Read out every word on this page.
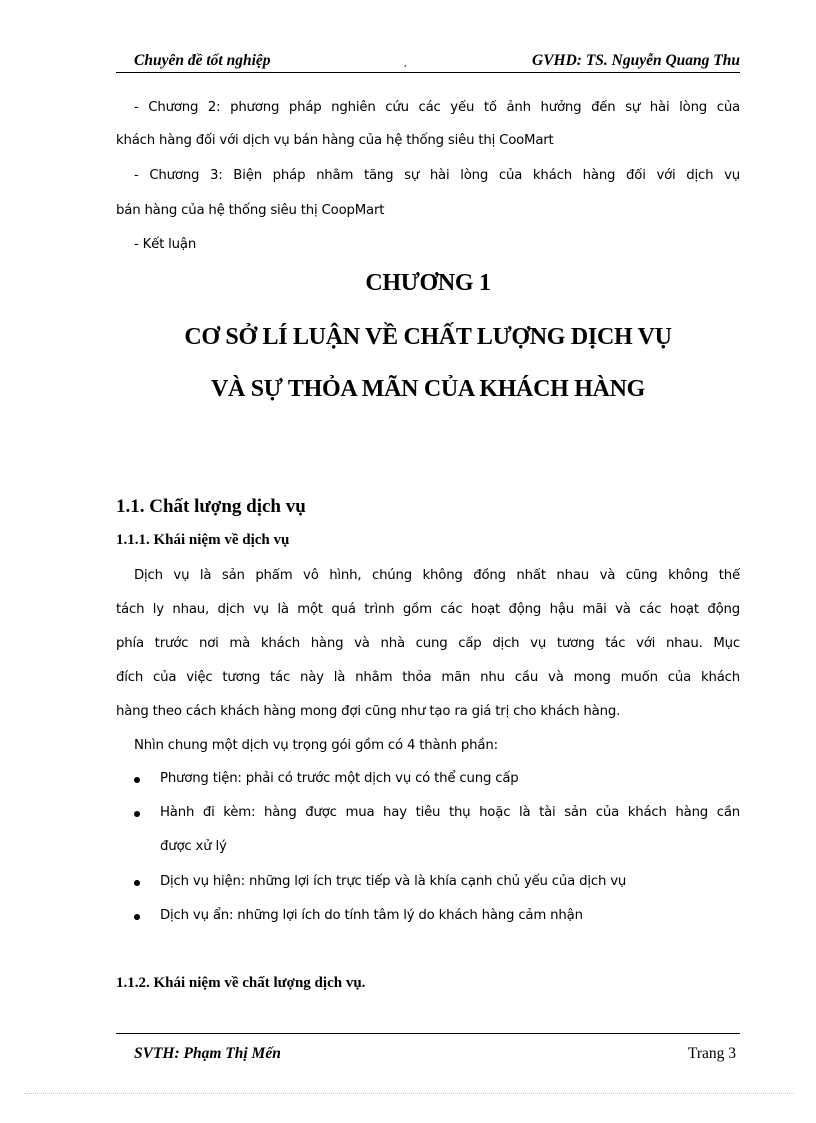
Chuyên đề tốt nghiệp	,	GVHD: TS. Nguyễn Quang Thu
- Chương 2: phương pháp nghiên cứu các yếu tố ảnh hưởng đến sự hài lòng của
khách hàng đối với dịch vụ bán hàng của hệ thống siêu thị CooMart
- Chương 3: Biện pháp nhằm tăng sự hài lòng của khách hàng đối với dịch vụ
bán hàng của hệ thống siêu thị CoopMart
- Kết luận
CHƯƠNG 1
CƠ SỞ LÍ LUẬN VỀ CHẤT LƯỢNG DỊCH VỤ
VÀ SỰ THỎA MÃN CỦA KHÁCH HÀNG
1.1. Chất lượng dịch vụ
1.1.1. Khái niệm về dịch vụ
Dịch vụ là sản phẩm vô hình, chúng không đồng nhất nhau và cũng không thể
tách ly nhau, dịch vụ là một quá trình gồm các hoạt động hậu mãi và các hoạt động
phía trước nơi mà khách hàng và nhà cung cấp dịch vụ tương tác với nhau. Mục
đích của việc tương tác này là nhằm thỏa mãn nhu cầu và mong muốn của khách
hàng theo cách khách hàng mong đợi cũng như tạo ra giá trị cho khách hàng.
Nhìn chung một dịch vụ trọng gói gồm có 4 thành phần:
Phương tiện: phải có trước một dịch vụ có thể cung cấp
Hành đi kèm: hàng được mua hay tiêu thụ hoặc là tài sản của khách hàng cần
được xử lý
Dịch vụ hiện: những lợi ích trực tiếp và là khía cạnh chủ yếu của dịch vụ
Dịch vụ ẩn: những lợi ích do tính tâm lý do khách hàng cảm nhận
1.1.2. Khái niệm về chất lượng dịch vụ.
SVTH: Phạm Thị Mến	Trang 3
